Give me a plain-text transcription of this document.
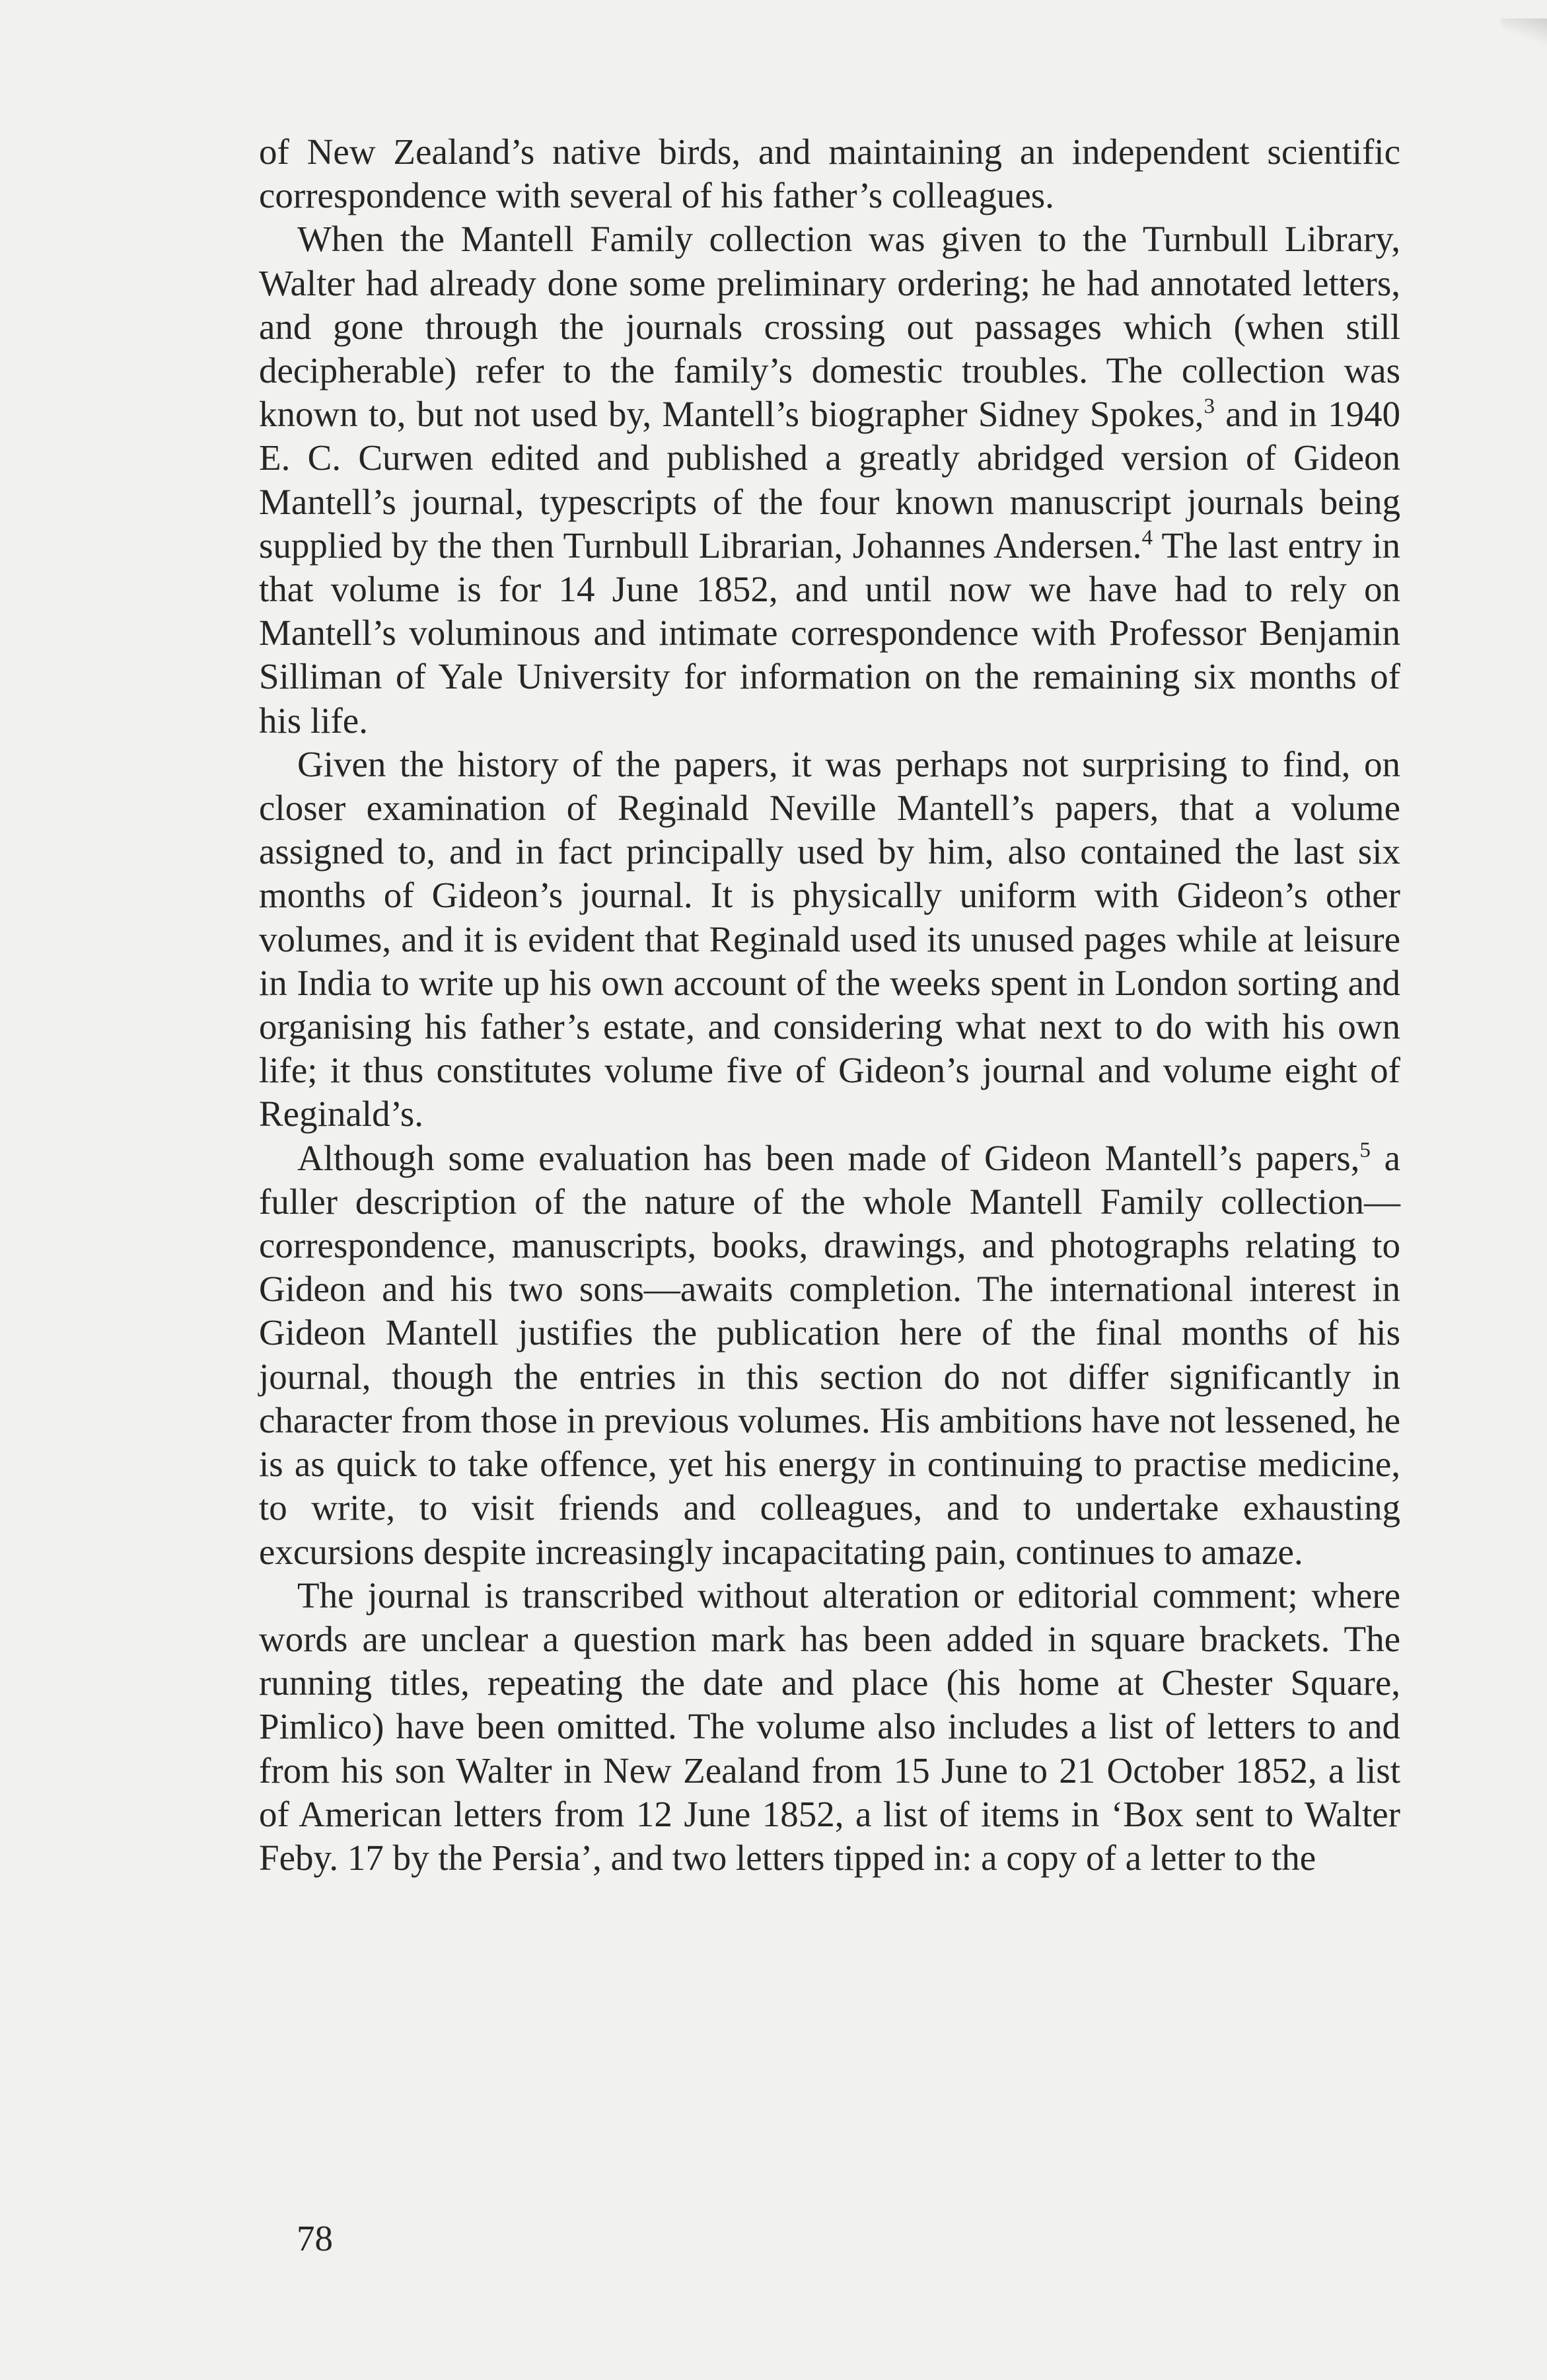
of New Zealand’s native birds, and maintaining an independent scientific correspondence with several of his father’s colleagues.

When the Mantell Family collection was given to the Turnbull Library, Walter had already done some preliminary ordering; he had annotated letters, and gone through the journals crossing out passages which (when still decipherable) refer to the family’s domestic troubles. The collection was known to, but not used by, Mantell’s biographer Sidney Spokes,$^3$ and in 1940 E. C. Curwen edited and published a greatly abridged version of Gideon Mantell’s journal, typescripts of the four known manuscript journals being supplied by the then Turnbull Librarian, Johannes Andersen.$^4$ The last entry in that volume is for 14 June 1852, and until now we have had to rely on Mantell’s voluminous and intimate correspondence with Professor Benjamin Silliman of Yale University for information on the remaining six months of his life.

Given the history of the papers, it was perhaps not surprising to find, on closer examination of Reginald Neville Mantell’s papers, that a volume assigned to, and in fact principally used by him, also contained the last six months of Gideon’s journal. It is physically uniform with Gideon’s other volumes, and it is evident that Reginald used its unused pages while at leisure in India to write up his own account of the weeks spent in London sorting and organising his father’s estate, and considering what next to do with his own life; it thus constitutes volume five of Gideon’s journal and volume eight of Reginald’s.

Although some evaluation has been made of Gideon Mantell’s papers,$^5$ a fuller description of the nature of the whole Mantell Family collection—correspondence, manuscripts, books, drawings, and photographs relating to Gideon and his two sons—awaits completion. The international interest in Gideon Mantell justifies the publication here of the final months of his journal, though the entries in this section do not differ significantly in character from those in previous volumes. His ambitions have not lessened, he is as quick to take offence, yet his energy in continuing to practise medicine, to write, to visit friends and colleagues, and to undertake exhausting excursions despite increasingly incapacitating pain, continues to amaze.

The journal is transcribed without alteration or editorial comment; where words are unclear a question mark has been added in square brackets. The running titles, repeating the date and place (his home at Chester Square, Pimlico) have been omitted. The volume also includes a list of letters to and from his son Walter in New Zealand from 15 June to 21 October 1852, a list of American letters from 12 June 1852, a list of items in ‘Box sent to Walter Feby. 17 by the Persia’, and two letters tipped in: a copy of a letter to the

78
